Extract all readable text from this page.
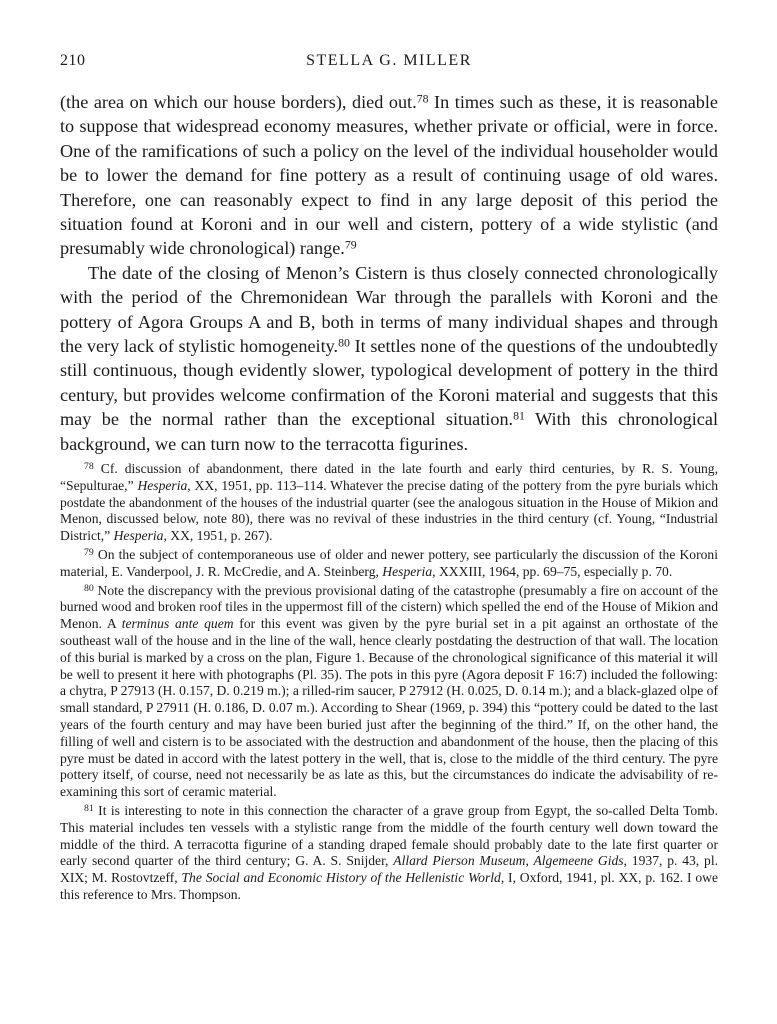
210	STELLA G. MILLER

(the area on which our house borders), died out.$^{78}$ In times such as these, it is reasonable to suppose that widespread economy measures, whether private or official, were in force. One of the ramifications of such a policy on the level of the individual householder would be to lower the demand for fine pottery as a result of continuing usage of old wares. Therefore, one can reasonably expect to find in any large deposit of this period the situation found at Koroni and in our well and cistern, pottery of a wide stylistic (and presumably wide chronological) range.$^{79}$

The date of the closing of Menon’s Cistern is thus closely connected chronologically with the period of the Chremonidean War through the parallels with Koroni and the pottery of Agora Groups A and B, both in terms of many individual shapes and through the very lack of stylistic homogeneity.$^{80}$ It settles none of the questions of the undoubtedly still continuous, though evidently slower, typological development of pottery in the third century, but provides welcome confirmation of the Koroni material and suggests that this may be the normal rather than the exceptional situation.$^{81}$ With this chronological background, we can turn now to the terracotta figurines.

$^{78}$ Cf. discussion of abandonment, there dated in the late fourth and early third centuries, by R. S. Young, “Sepulturae,” Hesperia, XX, 1951, pp. 113–114. Whatever the precise dating of the pottery from the pyre burials which postdate the abandonment of the houses of the industrial quarter (see the analogous situation in the House of Mikion and Menon, discussed below, note 80), there was no revival of these industries in the third century (cf. Young, “Industrial District,” Hesperia, XX, 1951, p. 267).

$^{79}$ On the subject of contemporaneous use of older and newer pottery, see particularly the discussion of the Koroni material, E. Vanderpool, J. R. McCredie, and A. Steinberg, Hesperia, XXXIII, 1964, pp. 69–75, especially p. 70.

$^{80}$ Note the discrepancy with the previous provisional dating of the catastrophe (presumably a fire on account of the burned wood and broken roof tiles in the uppermost fill of the cistern) which spelled the end of the House of Mikion and Menon. A terminus ante quem for this event was given by the pyre burial set in a pit against an orthostate of the southeast wall of the house and in the line of the wall, hence clearly postdating the destruction of that wall. The location of this burial is marked by a cross on the plan, Figure 1. Because of the chronological significance of this material it will be well to present it here with photographs (Pl. 35). The pots in this pyre (Agora deposit F 16:7) included the following: a chytra, P 27913 (H. 0.157, D. 0.219 m.); a rilled-rim saucer, P 27912 (H. 0.025, D. 0.14 m.); and a black-glazed olpe of small standard, P 27911 (H. 0.186, D. 0.07 m.). According to Shear (1969, p. 394) this “pottery could be dated to the last years of the fourth century and may have been buried just after the beginning of the third.” If, on the other hand, the filling of well and cistern is to be associated with the destruction and abandonment of the house, then the placing of this pyre must be dated in accord with the latest pottery in the well, that is, close to the middle of the third century. The pyre pottery itself, of course, need not necessarily be as late as this, but the circumstances do indicate the advisability of re-examining this sort of ceramic material.

$^{81}$ It is interesting to note in this connection the character of a grave group from Egypt, the so-called Delta Tomb. This material includes ten vessels with a stylistic range from the middle of the fourth century well down toward the middle of the third. A terracotta figurine of a standing draped female should probably date to the late first quarter or early second quarter of the third century; G. A. S. Snijder, Allard Pierson Museum, Algemeene Gids, 1937, p. 43, pl. XIX; M. Rostovtzeff, The Social and Economic History of the Hellenistic World, I, Oxford, 1941, pl. XX, p. 162. I owe this reference to Mrs. Thompson.
